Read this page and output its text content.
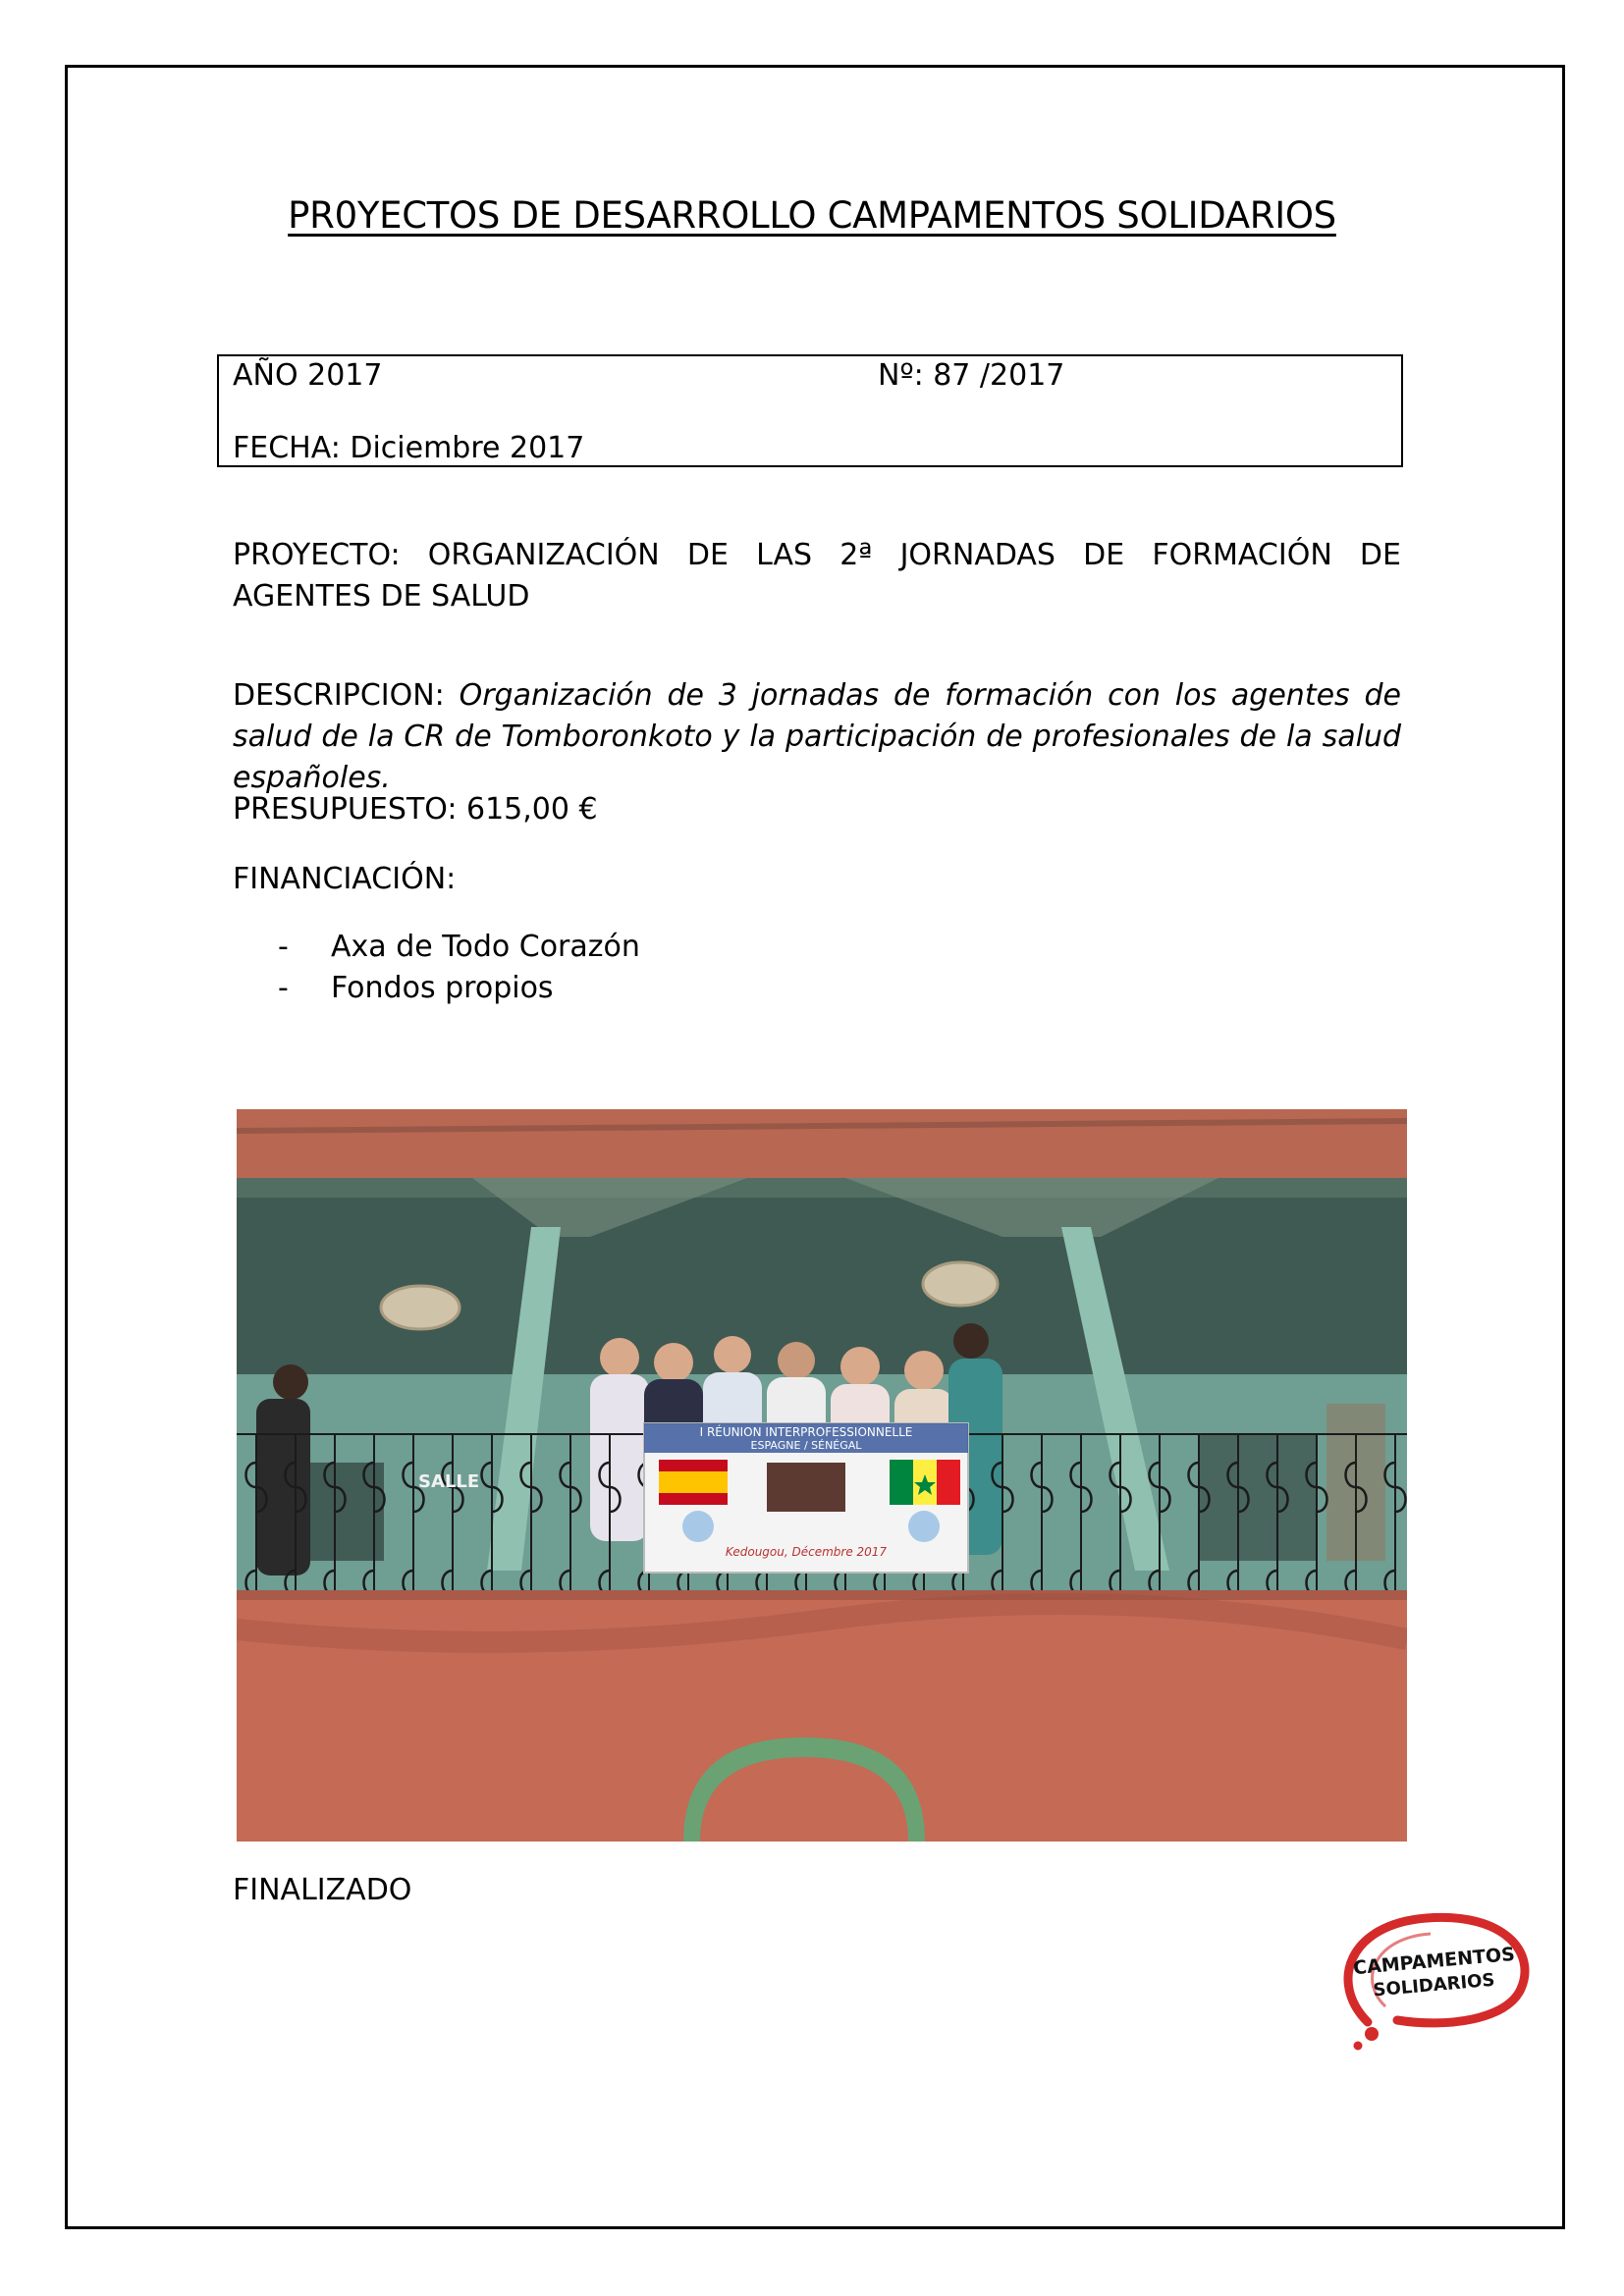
PR0YECTOS DE DESARROLLO CAMPAMENTOS SOLIDARIOS
AÑO 2017	Nº: 87 /2017
FECHA: Diciembre 2017
PROYECTO: ORGANIZACIÓN DE LAS 2ª JORNADAS DE FORMACIÓN DE AGENTES DE SALUD
DESCRIPCION: Organización de 3 jornadas de formación con los agentes de salud de la CR de Tomboronkoto y la participación de profesionales de la salud españoles.
PRESUPUESTO: 615,00 €
FINANCIACIÓN:
- Axa de Todo Corazón
- Fondos propios
SALLE
I RÉUNION INTERPROFESSIONNELLE
ESPAGNE / SÉNÉGAL
Kedougou, Décembre 2017
FINALIZADO
CAMPAMENTOS
SOLIDARIOS
